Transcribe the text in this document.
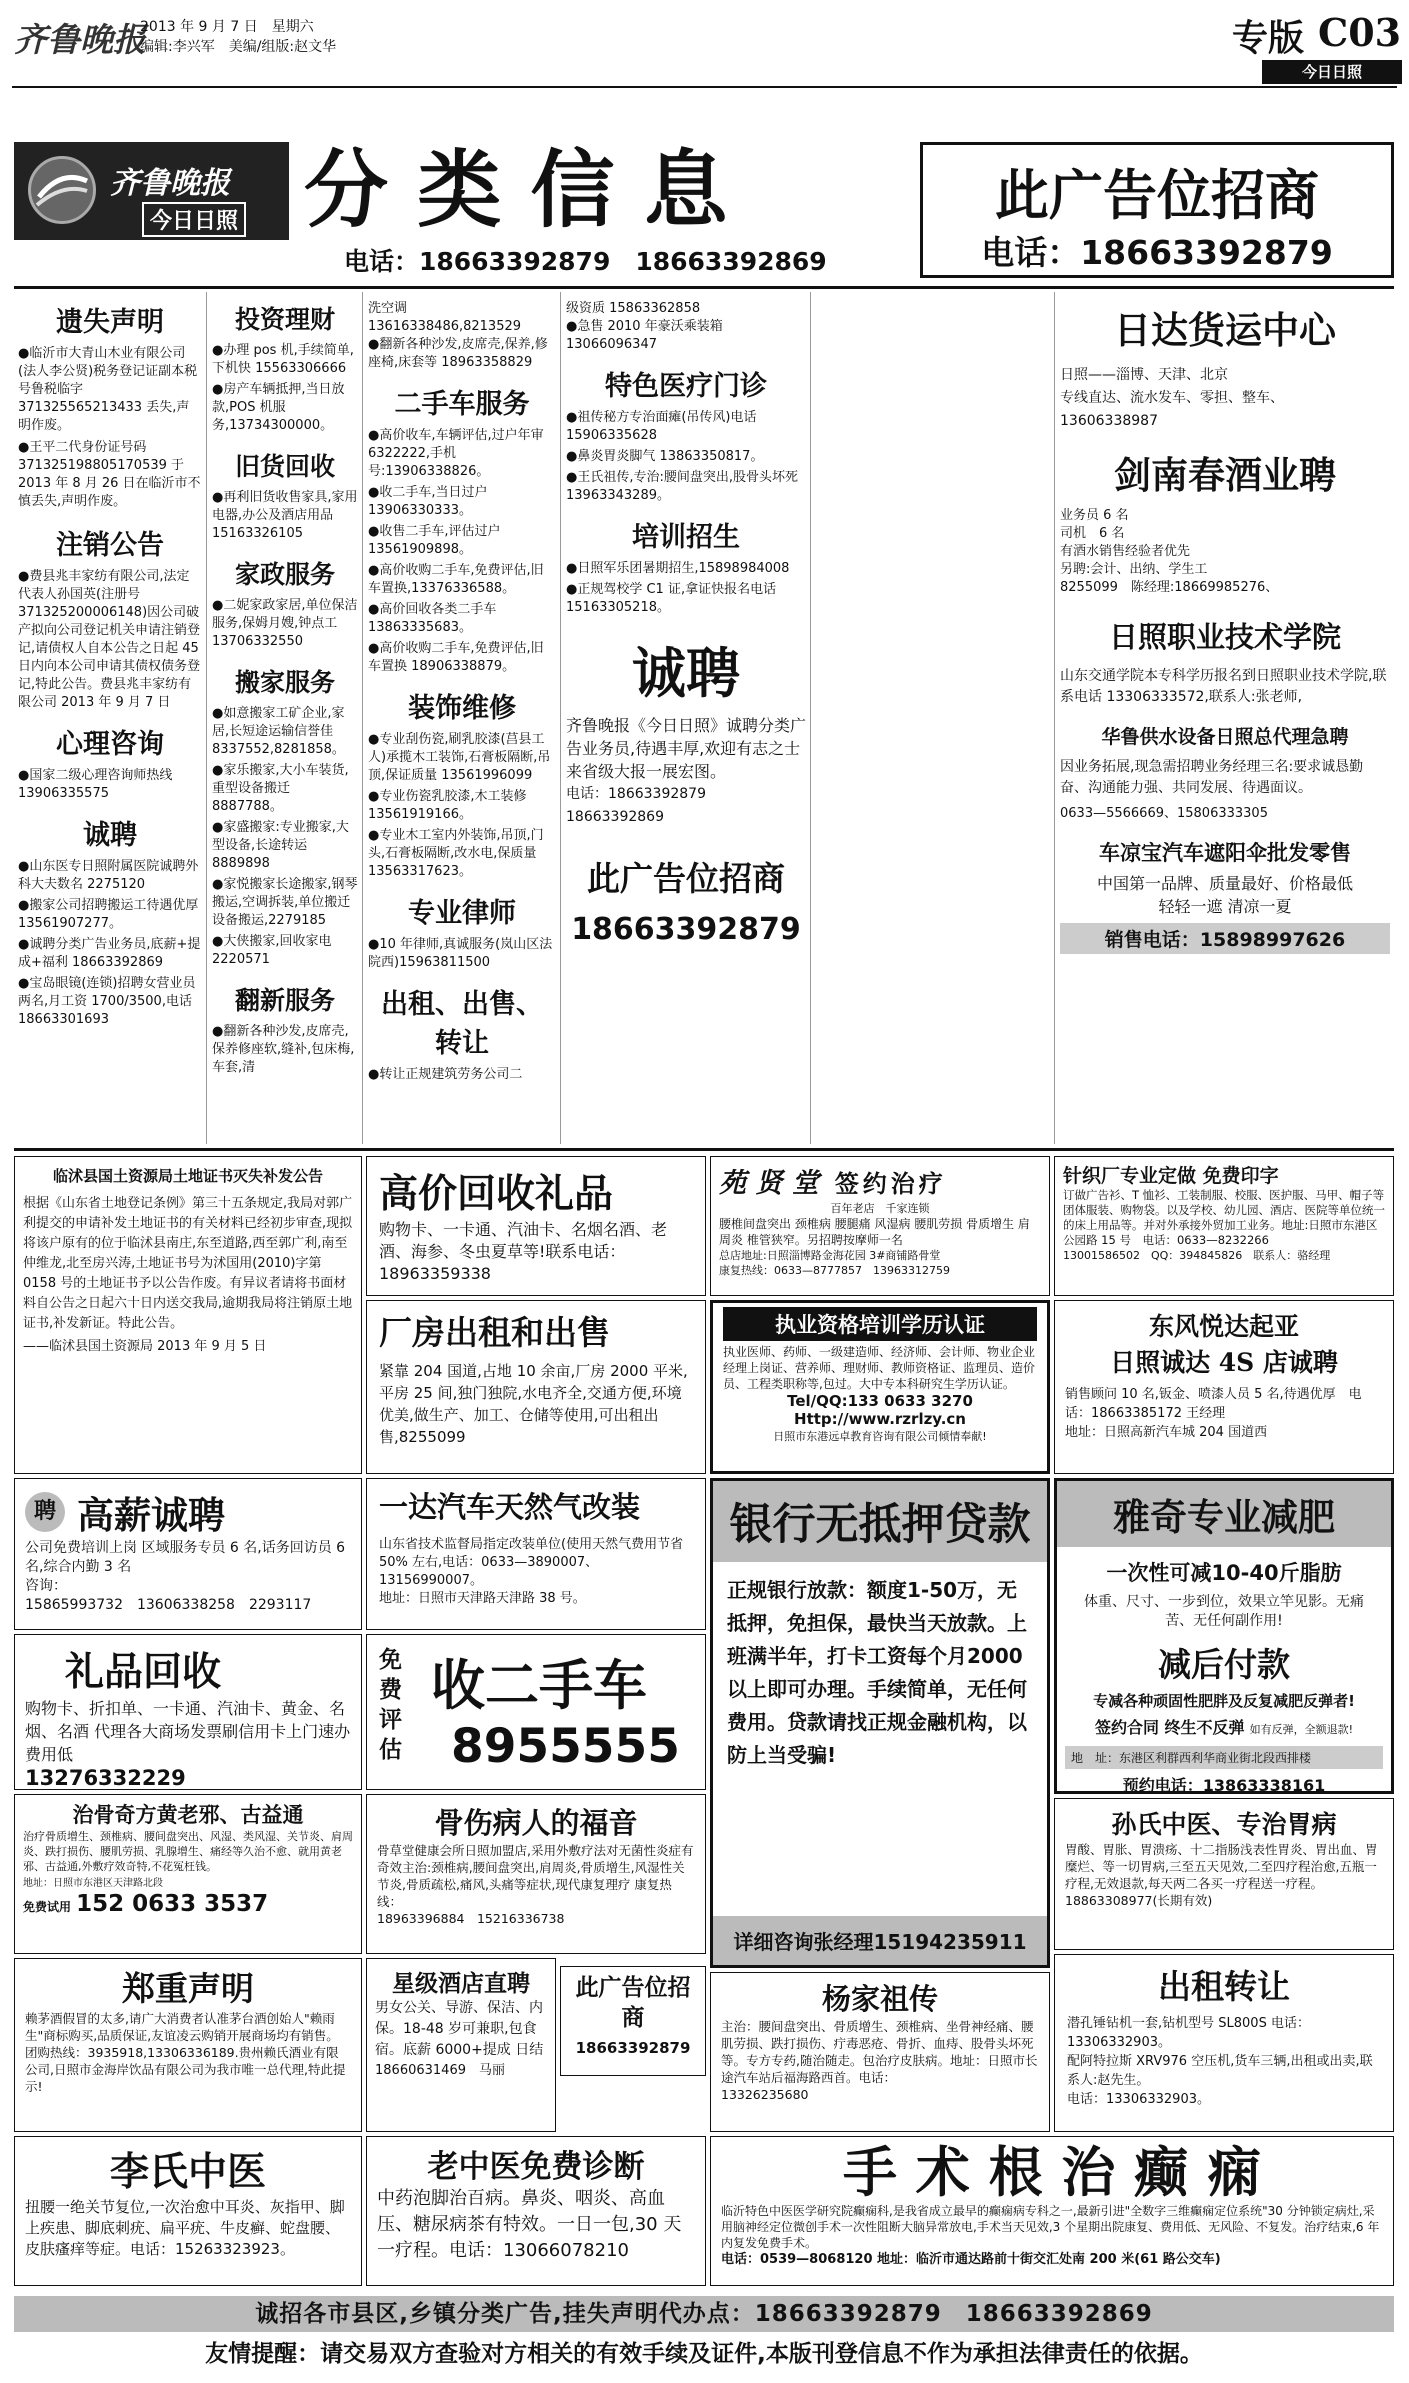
齐鲁晚报
2013 年 9 月 7 日　星期六
编辑:李兴军　美编/组版:赵文华	专版 C03
今日日照
齐鲁晚报
今日日照 分 类 信 息
电话：18663392879　18663392869
此广告位招商
电话：18663392879
遗失声明

●临沂市大青山木业有限公司(法人李公贤)税务登记证副本税号鲁税临字 371325565213433 丢失,声明作废。

●王平二代身份证号码371325198805170539 于 2013 年 8 月 26 日在临沂市不慎丢失,声明作废。

注销公告

●费县兆丰家纺有限公司,法定代表人孙国英(注册号371325200006148)因公司破产拟向公司登记机关申请注销登记,请债权人自本公告之日起 45 日内向本公司申请其债权债务登记,特此公告。费县兆丰家纺有限公司 2013 年 9 月 7 日

心理咨询

●国家二级心理咨询师热线 13906335575

诚聘

●山东医专日照附属医院诚聘外科大夫数名 2275120

●搬家公司招聘搬运工待遇优厚 13561907277。

●诚聘分类广告业务员,底薪+提成+福利 18663392869

●宝岛眼镜(连锁)招聘女营业员两名,月工资 1700/3500,电话 18663301693

投资理财

●办理 pos 机,手续简单,下机快 15563306666

●房产车辆抵押,当日放款,POS 机服务,13734300000。

旧货回收

●再利旧货收售家具,家用电器,办公及酒店用品 15163326105

家政服务

●二妮家政家居,单位保洁服务,保姆月嫂,钟点工 13706332550

搬家服务

●如意搬家工矿企业,家居,长短途运输信誉佳 8337552,8281858。

●家乐搬家,大小车装货,重型设备搬迁 8887788。

●家盛搬家:专业搬家,大型设备,长途转运 8889898

●家悦搬家长途搬家,钢琴搬运,空调拆装,单位搬迁设备搬运,2279185

●大侠搬家,回收家电 2220571

翻新服务

●翻新各种沙发,皮席壳,保养修座软,缝补,包床梅,车套,清

洗空调 13616338486,8213529

●翻新各种沙发,皮席壳,保养,修座椅,床套等 18963358829

二手车服务

●高价收车,车辆评估,过户年审 6322222,手机号:13906338826。

●收二手车,当日过户 13906330333。

●收售二手车,评估过户 13561909898。

●高价收购二手车,免费评估,旧车置换,13376336588。

●高价回收各类二手车 13863335683。

●高价收购二手车,免费评估,旧车置换 18906338879。

装饰维修

●专业刮伤瓷,刷乳胶漆(莒县工人)承揽木工装饰,石膏板隔断,吊顶,保证质量 13561996099

●专业伤瓷乳胶漆,木工装修 13561919166。

●专业木工室内外装饰,吊顶,门头,石膏板隔断,改水电,保质量 13563317623。

专业律师

●10 年律师,真诚服务(岚山区法院西)15963811500

出租、出售、转让

●转让正规建筑劳务公司二

级资质 15863362858

●急售 2010 年豪沃乘装箱 13066096347

特色医疗门诊

●祖传秘方专治面瘫(吊传风)电话 15906335628

●鼻炎胃炎脚气 13863350817。

●王氏祖传,专治:腰间盘突出,股骨头坏死 13963343289。

培训招生

●日照军乐团暑期招生,15898984008

●正规驾校学 C1 证,拿证快报名电话 15163305218。

诚聘

齐鲁晚报《今日日照》诚聘分类广告业务员,待遇丰厚,欢迎有志之士来省级大报一展宏图。

电话：18663392879　18663392869

此广告位招商
18663392879
日达货运中心

日照——淄博、天津、北京

专线直达、流水发车、零担、整车、

13606338987

剑南春酒业聘

业务员 6 名

司机　6 名

有酒水销售经验者优先

另聘:会计、出纳、学生工

8255099　陈经理:18669985276、

日照职业技术学院

山东交通学院本专科学历报名到日照职业技术学院,联系电话 13306333572,联系人:张老师,

华鲁供水设备日照总代理急聘

因业务拓展,现急需招聘业务经理三名:要求诚恳勤奋、沟通能力强、共同发展、待遇面议。

0633—5566669、15806333305

车凉宝汽车遮阳伞批发零售

中国第一品牌、质量最好、价格最低

轻轻一遮 清凉一夏

销售电话：15898997626
临沭县国土资源局土地证书灭失补发公告

根据《山东省土地登记条例》第三十五条规定,我局对郭广利提交的申请补发土地证书的有关材料已经初步审查,现拟将该户原有的位于临沭县南庄,东至道路,西至郭广利,南至仲维龙,北至房兴涛,土地证书号为沭国用(2010)字第 0158 号的土地证书予以公告作废。有异议者请将书面材料自公告之日起六十日内送交我局,逾期我局将注销原土地证书,补发新证。特此公告。

——临沭县国土资源局 2013 年 9 月 5 日

高价回收礼品

购物卡、一卡通、汽油卡、名烟名酒、老酒、海参、冬虫夏草等!联系电话：18963359338

苑 贤 堂 签约治疗

百年老店　千家连锁

腰椎间盘突出 颈椎病 腰腿痛 风湿病 腰肌劳损 骨质增生 肩周炎 椎管狭窄。另招聘按摩师一名

总店地址:日照淄博路金海花园 3#商铺路骨堂

康复热线：0633—8777857　13963312759

针织厂专业定做 免费印字

订做广告衫、T 恤衫、工装制服、校服、医护服、马甲、帽子等团体服装、购物袋。以及学校、幼儿园、酒店、医院等单位统一的床上用品等。并对外承接外贸加工业务。地址:日照市东港区公园路 15 号　电话：0633—8232266

13001586502　QQ：394845826　联系人：骆经理

厂房出租和出售

紧靠 204 国道,占地 10 余亩,厂房 2000 平米,平房 25 间,独门独院,水电齐全,交通方便,环境优美,做生产、加工、仓储等使用,可出租出售,8255099

执业资格培训学历认证

执业医师、药师、一级建造师、经济师、会计师、物业企业经理上岗证、营养师、理财师、教师资格证、监理员、造价员、工程类职称等,包过。大中专本科研究生学历认证。

Tel/QQ:133 0633 3270

Http://www.rzrlzy.cn

日照市东港远卓教育咨询有限公司倾情奉献!

东风悦达起亚
日照诚达 4S 店诚聘

销售顾问 10 名,钣金、喷漆人员 5 名,待遇优厚　电话：18663385172 王经理

地址：日照高新汽车城 204 国道西

聘 高薪诚聘

公司免费培训上岗 区域服务专员 6 名,话务回访员 6 名,综合内勤 3 名

咨询：

15865993732　13606338258　2293117

一达汽车天然气改装

山东省技术监督局指定改装单位(使用天然气费用节省 50% 左右,电话：0633—3890007、13156990007。

地址：日照市天津路天津路 38 号。

银行无抵押贷款

正规银行放款：额度1-50万，无抵押，免担保，最快当天放款。上班满半年，打卡工资每个月2000以上即可办理。手续简单，无任何费用。贷款请找正规金融机构，以防上当受骗!

详细咨询张经理15194235911
雅奇专业减肥

一次性可减10-40斤脂肪

体重、尺寸、一步到位，效果立竿见影。无痛苦、无任何副作用!

减后付款

专减各种顽固性肥胖及反复减肥反弹者!

签约合同 终生不反弹 如有反弹，全额退款!

地　址：东港区利群西利华商业街北段西排楼

预约电话：13863338161

礼品回收

购物卡、折扣单、一卡通、汽油卡、黄金、名烟、名酒 代理各大商场发票刷信用卡上门速办费用低

13276332229

免费评估
收二手车
8955555
孙氏中医、专治胃病

胃酸、胃胀、胃溃疡、十二指肠浅表性胃炎、胃出血、胃糜烂、等一切胃病,三至五天见效,二至四疗程治愈,五瓶一疗程,无效退款,每天两二各买一疗程送一疗程。

18863308977(长期有效)

治骨奇方黄老邪、古益通

治疗骨质增生、颈椎病、腰间盘突出、风湿、类风湿、关节炎、肩周炎、跌打损伤、腰肌劳损、乳腺增生、痛经等久治不愈、就用黄老邪、古益通,外敷疗效奇特,不花冤枉钱。

地址：日照市东港区天津路北段

免费试用 152 0633 3537

骨伤病人的福音

骨草堂健康会所日照加盟店,采用外敷疗法对无菌性炎症有奇效主治:颈椎病,腰间盘突出,肩周炎,骨质增生,风湿性关节炎,骨质疏松,痛风,头痛等症状,现代康复理疗 康复热线：

18963396884　15216336738

郑重声明

赖茅酒假冒的太多,请广大消费者认准茅台酒创始人"赖雨生"商标购买,品质保证,友谊凌云购销开展商场均有销售。团购热线：3935918,13306336189.贵州赖氏酒业有限公司,日照市金海岸饮品有限公司为我市唯一总代理,特此提示!

星级酒店直聘

男女公关、导游、保洁、内保。18-48 岁可兼职,包食宿。底薪 6000+提成 日结

18660631469　马丽

此广告位招商
18663392879
杨家祖传

主治：腰间盘突出、骨质增生、颈椎病、坐骨神经痛、腰肌劳损、跌打损伤、疔毒恶疮、骨折、血痔、股骨头坏死等。专方专药,随治随走。包治疗皮肤病。地址：日照市长途汽车站后福海路西首。电话：

13326235680

出租转让

潜孔锤钻机一套,钻机型号 SL800S 电话：13306332903。

配阿特拉斯 XRV976 空压机,货车三辆,出租或出卖,联系人:赵先生。

电话：13306332903。

李氏中医

扭腰一绝关节复位,一次治愈中耳炎、灰指甲、脚上疾患、脚底刺疣、扁平疣、牛皮癣、蛇盘腰、皮肤瘙痒等症。电话：15263323923。

老中医免费诊断

中药泡脚治百病。鼻炎、咽炎、高血压、糖尿病茶有特效。一日一包,30 天一疗程。电话：13066078210

手 术 根 治 癫 痫

临沂特色中医医学研究院癫痫科,是我省成立最早的癫痫病专科之一,最新引进"全数字三维癫痫定位系统"30 分钟锁定病灶,采用脑神经定位微创手术一次性阻断大脑异常放电,手术当天见效,3 个星期出院康复、费用低、无风险、不复发。治疗结束,6 年内复发免费手术。

电话：0539—8068120 地址：临沂市通达路前十街交汇处南 200 米(61 路公交车)

诚招各市县区,乡镇分类广告,挂失声明代办点：18663392879　18663392869
友情提醒：请交易双方查验对方相关的有效手续及证件,本版刊登信息不作为承担法律责任的依据。
